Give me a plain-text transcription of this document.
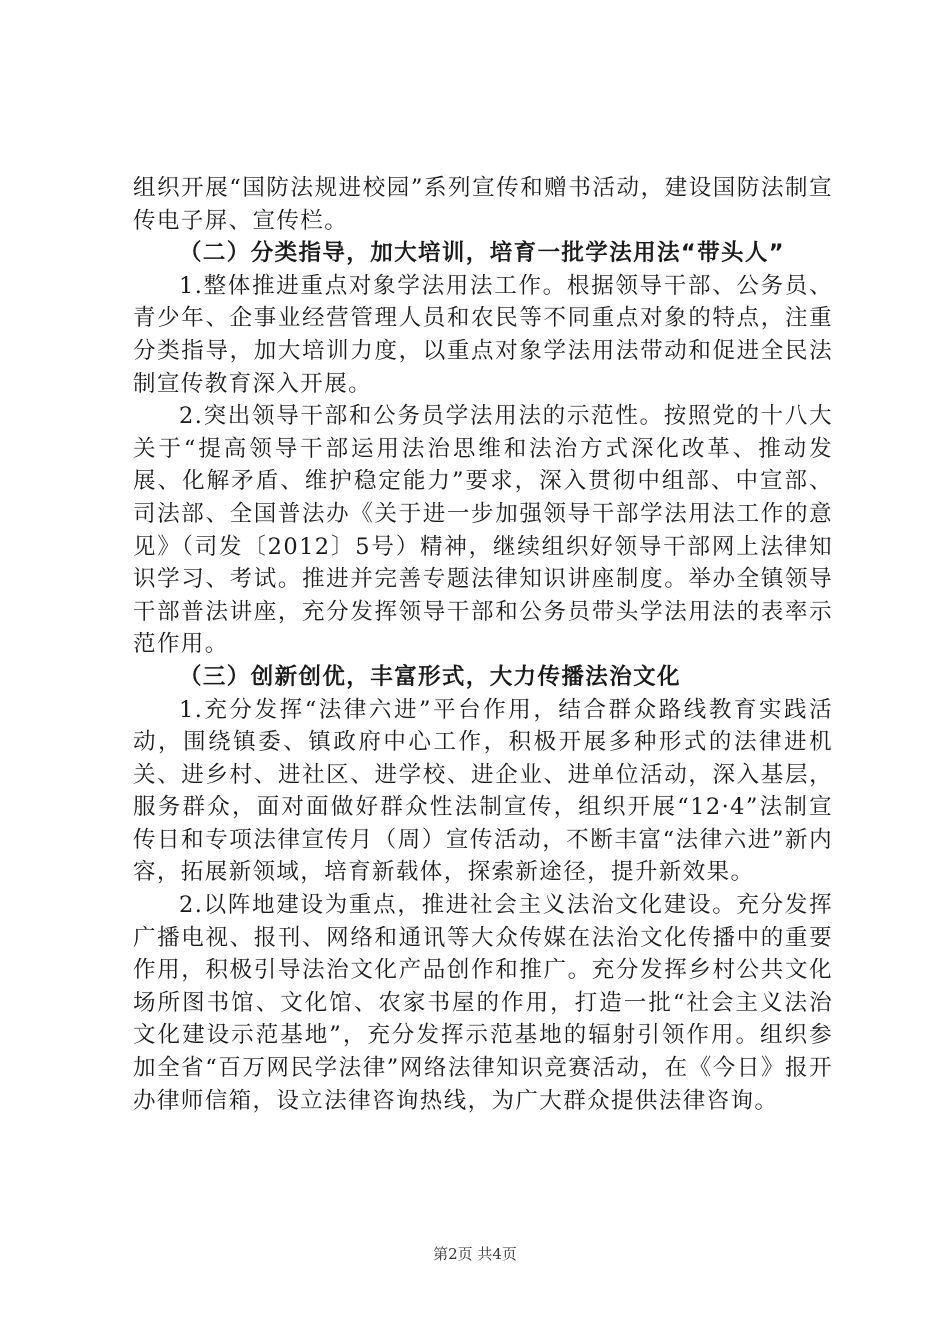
组织开展“国防法规进校园”系列宣传和赠书活动，建设国防法制宣传电子屏、宣传栏。

（二）分类指导，加大培训，培育一批学法用法“带头人”

1.整体推进重点对象学法用法工作。根据领导干部、公务员、青少年、企事业经营管理人员和农民等不同重点对象的特点，注重分类指导，加大培训力度，以重点对象学法用法带动和促进全民法制宣传教育深入开展。

2.突出领导干部和公务员学法用法的示范性。按照党的十八大关于“提高领导干部运用法治思维和法治方式深化改革、推动发展、化解矛盾、维护稳定能力”要求，深入贯彻中组部、中宣部、司法部、全国普法办《关于进一步加强领导干部学法用法工作的意见》（司发〔2012〕5号）精神，继续组织好领导干部网上法律知识学习、考试。推进并完善专题法律知识讲座制度。举办全镇领导干部普法讲座，充分发挥领导干部和公务员带头学法用法的表率示范作用。

（三）创新创优，丰富形式，大力传播法治文化

1.充分发挥“法律六进”平台作用，结合群众路线教育实践活动，围绕镇委、镇政府中心工作，积极开展多种形式的法律进机关、进乡村、进社区、进学校、进企业、进单位活动，深入基层，服务群众，面对面做好群众性法制宣传，组织开展“12·4”法制宣传日和专项法律宣传月（周）宣传活动，不断丰富“法律六进”新内容，拓展新领域，培育新载体，探索新途径，提升新效果。

2.以阵地建设为重点，推进社会主义法治文化建设。充分发挥广播电视、报刊、网络和通讯等大众传媒在法治文化传播中的重要作用，积极引导法治文化产品创作和推广。充分发挥乡村公共文化场所图书馆、文化馆、农家书屋的作用，打造一批“社会主义法治文化建设示范基地”，充分发挥示范基地的辐射引领作用。组织参加全省“百万网民学法律”网络法律知识竞赛活动，在《今日》报开办律师信箱，设立法律咨询热线，为广大群众提供法律咨询。

第2页 共4页
